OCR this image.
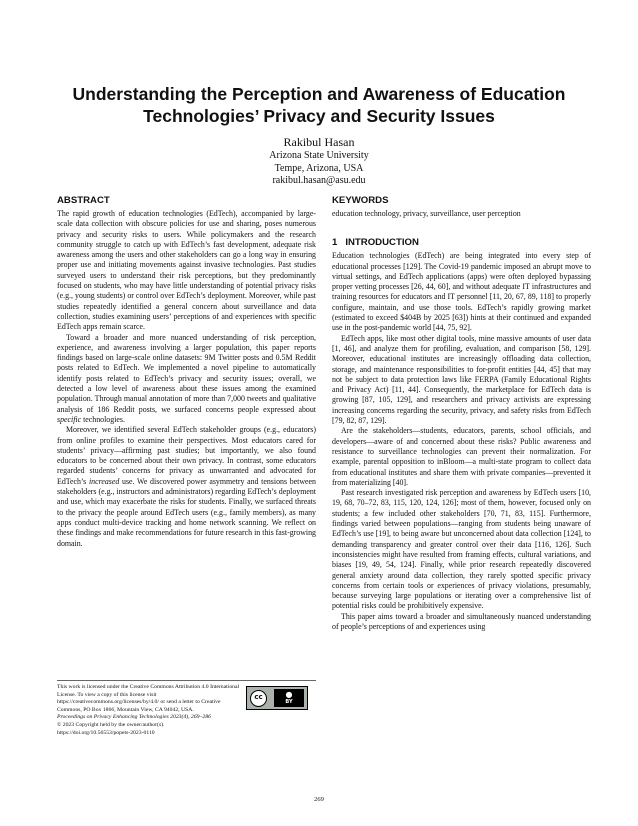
Understanding the Perception and Awareness of Education Technologies’ Privacy and Security Issues
Rakibul Hasan
Arizona State University
Tempe, Arizona, USA
rakibul.hasan@asu.edu
ABSTRACT

The rapid growth of education technologies (EdTech), accompanied by large-scale data collection with obscure policies for use and sharing, poses numerous privacy and security risks to users. While policymakers and the research community struggle to catch up with EdTech’s fast development, adequate risk awareness among the users and other stakeholders can go a long way in ensuring proper use and initiating movements against invasive technologies. Past studies surveyed users to understand their risk perceptions, but they predominantly focused on students, who may have little understanding of potential privacy risks (e.g., young students) or control over EdTech’s deployment. Moreover, while past studies repeatedly identified a general concern about surveillance and data collection, studies examining users’ perceptions of and experiences with specific EdTech apps remain scarce.

Toward a broader and more nuanced understanding of risk perception, experience, and awareness involving a larger population, this paper reports findings based on large-scale online datasets: 9M Twitter posts and 0.5M Reddit posts related to EdTech. We implemented a novel pipeline to automatically identify posts related to EdTech’s privacy and security issues; overall, we detected a low level of awareness about these issues among the examined population. Through manual annotation of more than 7,000 tweets and qualitative analysis of 186 Reddit posts, we surfaced concerns people expressed about specific technologies.

Moreover, we identified several EdTech stakeholder groups (e.g., educators) from online profiles to examine their perspectives. Most educators cared for students’ privacy—affirming past studies; but importantly, we also found educators to be concerned about their own privacy. In contrast, some educators regarded students’ concerns for privacy as unwarranted and advocated for EdTech’s increased use. We discovered power asymmetry and tensions between stakeholders (e.g., instructors and administrators) regarding EdTech’s deployment and use, which may exacerbate the risks for students. Finally, we surfaced threats to the privacy the people around EdTech users (e.g., family members), as many apps conduct multi-device tracking and home network scanning. We reflect on these findings and make recommendations for future research in this fast-growing domain.

KEYWORDS

education technology, privacy, surveillance, user perception

1   INTRODUCTION

Education technologies (EdTech) are being integrated into every step of educational processes [129]. The Covid-19 pandemic imposed an abrupt move to virtual settings, and EdTech applications (apps) were often deployed bypassing proper vetting processes [26, 44, 60], and without adequate IT infrastructures and training resources for educators and IT personnel [11, 20, 67, 89, 118] to properly configure, maintain, and use those tools. EdTech’s rapidly growing market (estimated to exceed $404B by 2025 [63]) hints at their continued and expanded use in the post-pandemic world [44, 75, 92].

EdTech apps, like most other digital tools, mine massive amounts of user data [1, 46], and analyze them for profiling, evaluation, and comparison [58, 129]. Moreover, educational institutes are increasingly offloading data collection, storage, and maintenance responsibilities to for-profit entities [44, 45] that may not be subject to data protection laws like FERPA (Family Educational Rights and Privacy Act) [11, 44]. Consequently, the marketplace for EdTech data is growing [87, 105, 129], and researchers and privacy activists are expressing increasing concerns regarding the security, privacy, and safety risks from EdTech [79, 82, 87, 129].

Are the stakeholders—students, educators, parents, school officials, and developers—aware of and concerned about these risks? Public awareness and resistance to surveillance technologies can prevent their normalization. For example, parental opposition to inBloom—a multi-state program to collect data from educational institutes and share them with private companies—prevented it from materializing [40].

Past research investigated risk perception and awareness by EdTech users [10, 19, 68, 70–72, 83, 115, 120, 124, 126]; most of them, however, focused only on students; a few included other stakeholders [70, 71, 83, 115]. Furthermore, findings varied between populations—ranging from students being unaware of EdTech’s use [19], to being aware but unconcerned about data collection [124], to demanding transparency and greater control over their data [116, 126]. Such inconsistencies might have resulted from framing effects, cultural variations, and biases [19, 49, 54, 124]. Finally, while prior research repeatedly discovered general anxiety around data collection, they rarely spotted specific privacy concerns from certain tools or experiences of privacy violations, presumably, because surveying large populations or iterating over a comprehensive list of potential risks could be prohibitively expensive.

This paper aims toward a broader and simultaneously nuanced understanding of people’s perceptions of and experiences using

This work is licensed under the Creative Commons Attribution 4.0 International License. To view a copy of this license visit https://creativecommons.org/licenses/by/4.0/ or send a letter to Creative Commons, PO Box 1866, Mountain View, CA 94042, USA.
Proceedings on Privacy Enhancing Technologies 2023(4), 269–286
© 2023 Copyright held by the owner/author(s).
https://doi.org/10.56553/popets-2023-0110
cc	●
BY
269
